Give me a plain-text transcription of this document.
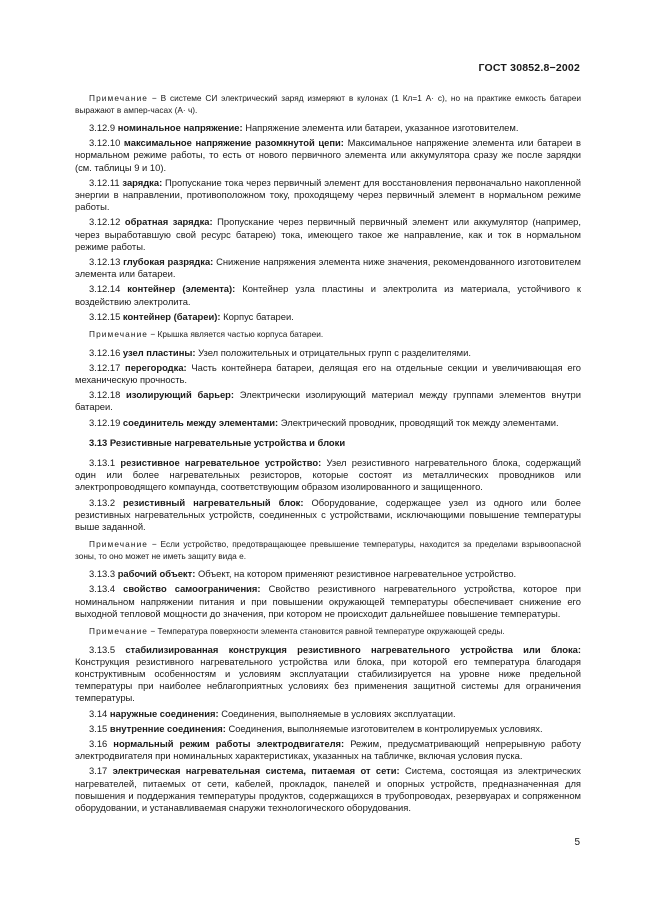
ГОСТ 30852.8−2002

Примечание − В системе СИ электрический заряд измеряют в кулонах (1 Кл=1 А· с), но на практике емкость батареи выражают в ампер-часах (А· ч).

3.12.9 номинальное напряжение: Напряжение элемента или батареи, указанное изготовителем.

3.12.10 максимальное напряжение разомкнутой цепи: Максимальное напряжение элемента или батареи в нормальном режиме работы, то есть от нового первичного элемента или аккумулятора сразу же после зарядки (см. таблицы 9 и 10).

3.12.11 зарядка: Пропускание тока через первичный элемент для восстановления первоначально накопленной энергии в направлении, противоположном току, проходящему через первичный элемент в нормальном режиме работы.

3.12.12 обратная зарядка: Пропускание через первичный первичный элемент или аккумулятор (например, через выработавшую свой ресурс батарею) тока, имеющего такое же направление, как и ток в нормальном режиме работы.

3.12.13 глубокая разрядка: Снижение напряжения элемента ниже значения, рекомендованного изготовителем элемента или батареи.

3.12.14 контейнер (элемента): Контейнер узла пластины и электролита из материала, устойчивого к воздействию электролита.

3.12.15 контейнер (батареи): Корпус батареи.

Примечание − Крышка является частью корпуса батареи.

3.12.16 узел пластины: Узел положительных и отрицательных групп с разделителями.

3.12.17 перегородка: Часть контейнера батареи, делящая его на отдельные секции и увеличивающая его механическую прочность.

3.12.18 изолирующий барьер: Электрически изолирующий материал между группами элементов внутри батареи.

3.12.19 соединитель между элементами: Электрический проводник, проводящий ток между элементами.

3.13 Резистивные нагревательные устройства и блоки

3.13.1 резистивное нагревательное устройство: Узел резистивного нагревательного блока, содержащий один или более нагревательных резисторов, которые состоят из металлических проводников или электропроводящего компаунда, соответствующим образом изолированного и защищенного.

3.13.2 резистивный нагревательный блок: Оборудование, содержащее узел из одного или более резистивных нагревательных устройств, соединенных с устройствами, исключающими повышение температуры выше заданной.

Примечание − Если устройство, предотвращающее превышение температуры, находится за пределами взрывоопасной зоны, то оно может не иметь защиту вида е.

3.13.3 рабочий объект: Объект, на котором применяют резистивное нагревательное устройство.

3.13.4 свойство самоограничения: Свойство резистивного нагревательного устройства, которое при номинальном напряжении питания и при повышении окружающей температуры обеспечивает снижение его выходной тепловой мощности до значения, при котором не происходит дальнейшее повышение температуры.

Примечание − Температура поверхности элемента становится равной температуре окружающей среды.

3.13.5 стабилизированная конструкция резистивного нагревательного устройства или блока: Конструкция резистивного нагревательного устройства или блока, при которой его температура благодаря конструктивным особенностям и условиям эксплуатации стабилизируется на уровне ниже предельной температуры при наиболее неблагоприятных условиях без применения защитной системы для ограничения температуры.

3.14 наружные соединения: Соединения, выполняемые в условиях эксплуатации.

3.15 внутренние соединения: Соединения, выполняемые изготовителем в контролируемых условиях.

3.16 нормальный режим работы электродвигателя: Режим, предусматривающий непрерывную работу электродвигателя при номинальных характеристиках, указанных на табличке, включая условия пуска.

3.17 электрическая нагревательная система, питаемая от сети: Система, состоящая из электрических нагревателей, питаемых от сети, кабелей, прокладок, панелей и опорных устройств, предназначенная для повышения и поддержания температуры продуктов, содержащихся в трубопроводах, резервуарах и сопряженном оборудовании, и устанавливаемая снаружи технологического оборудования.

5
